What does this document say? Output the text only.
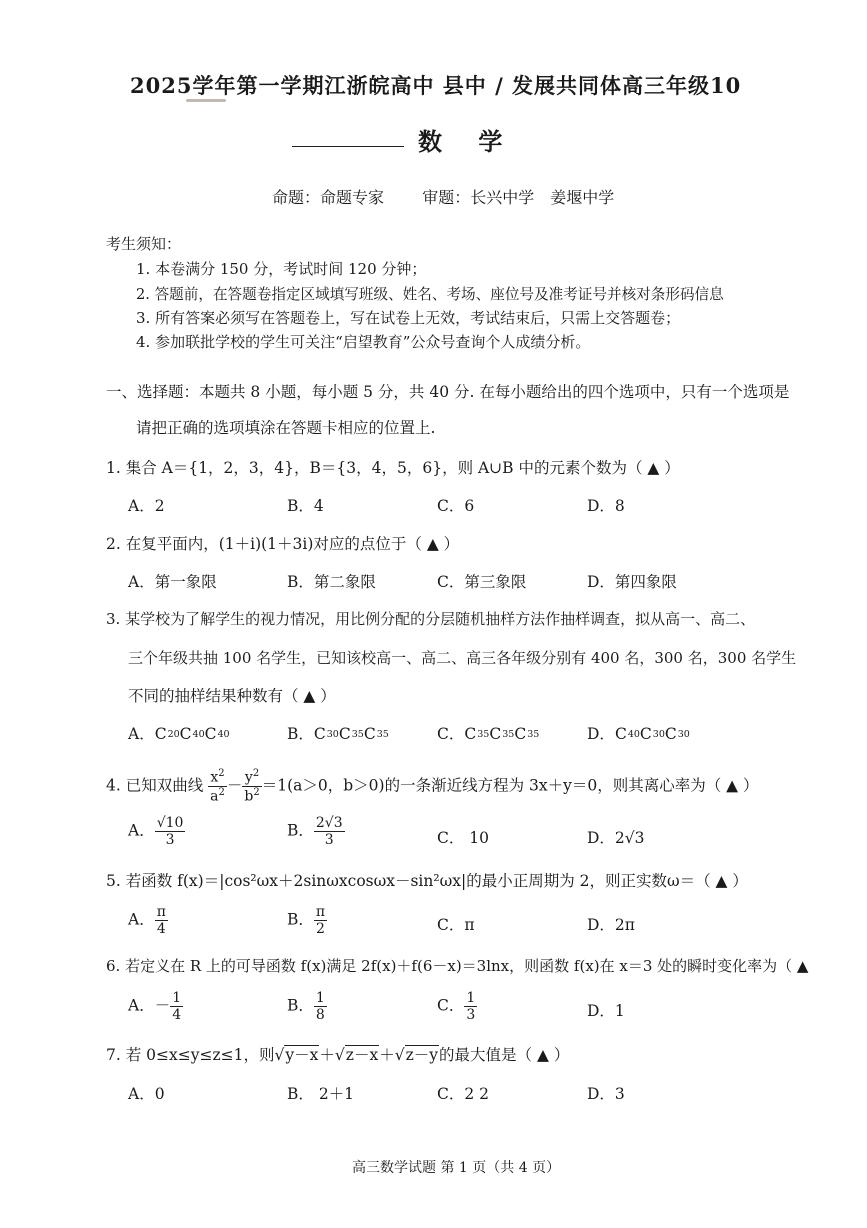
2025学年第一学期江浙皖高中 县中 / 发展共同体高三年级10
数 学
命题：命题专家 审题：长兴中学　姜堰中学
考生须知：
1. 本卷满分 150 分，考试时间 120 分钟；
2. 答题前，在答题卷指定区域填写班级、姓名、考场、座位号及准考证号并核对条形码信息
3. 所有答案必须写在答题卷上，写在试卷上无效，考试结束后，只需上交答题卷；
4. 参加联批学校的学生可关注“启望教育”公众号查询个人成绩分析。
一、选择题：本题共 8 小题，每小题 5 分，共 40 分. 在每小题给出的四个选项中，只有一个选项是
请把正确的选项填涂在答题卡相应的位置上.
1. 集合 A＝{1，2，3，4}，B＝{3，4，5，6}，则 A∪B 中的元素个数为（ ▲ ）
A．2	B．4	C．6	D．8
2. 在复平面内，(1＋i)(1＋3i)对应的点位于（ ▲ ）
A．第一象限	B．第二象限	C．第三象限	D．第四象限
3. 某学校为了解学生的视力情况，用比例分配的分层随机抽样方法作抽样调查，拟从高一、高二、
三个年级共抽 100 名学生，已知该校高一、高二、高三各年级分别有 400 名，300 名，300 名学生
不同的抽样结果种数有（ ▲ ）
A．C20C40C40	B．C30C35C35	C．C35C35C35	D．C40C30C30
4. 已知双曲线 $\frac{x^2}{a^2} - \frac{y^2}{b^2} =1(a>0$，b＞0)的一条渐近线方程为 3x＋y＝0，则其离心率为（ ▲ ）
A． $\frac{√10}{3}$	B． $\frac{2√3}{3}$	C． 10	D．2√3
5. 若函数 f(x)＝|cos²ωx＋2sinωxcosωx－sin²ωx|的最小正周期为 2，则正实数ω＝（ ▲ ）
A． $\frac{\pi}{4}$	B． $\frac{\pi}{2}$	C．π	D．2π
6. 若定义在 R 上的可导函数 f(x)满足 2f(x)＋f(6－x)＝3lnx，则函数 f(x)在 x＝3 处的瞬时变化率为（ ▲
A．－ $\frac{1}{4}$	B． $\frac{1}{8}$	C． $\frac{1}{3}$	D．1
7. 若 0≤x≤y≤z≤1，则√y－x＋√z－x＋√z－y的最大值是（ ▲ ）
A．0	B． 2＋1	C．2 2	D．3
高三数学试题 第 1 页（共 4 页）
